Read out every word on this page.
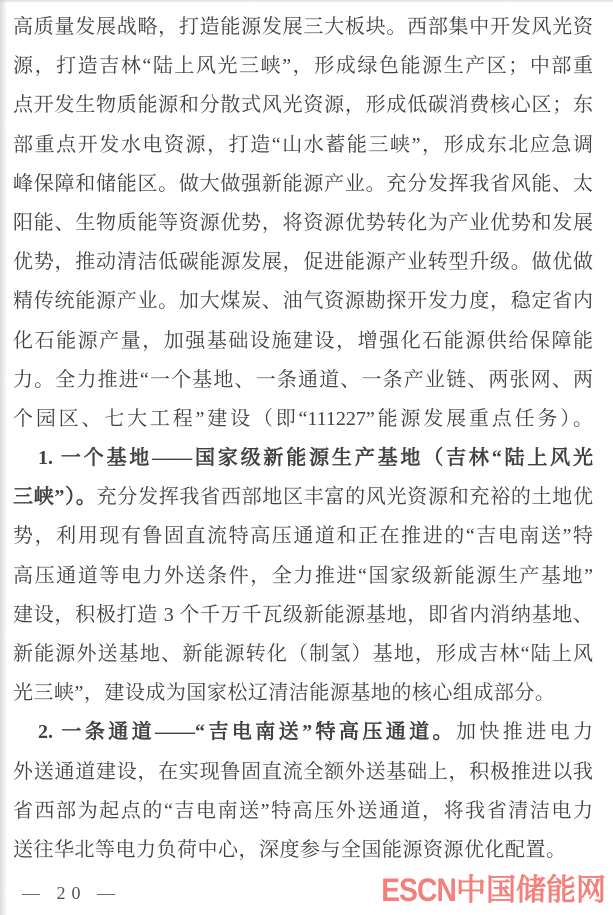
高质量发展战略，打造能源发展三大板块。西部集中开发风光资
源，打造吉林“陆上风光三峡”，形成绿色能源生产区；中部重
点开发生物质能源和分散式风光资源，形成低碳消费核心区；东
部重点开发水电资源，打造“山水蓄能三峡”，形成东北应急调
峰保障和储能区。做大做强新能源产业。充分发挥我省风能、太
阳能、生物质能等资源优势，将资源优势转化为产业优势和发展
优势，推动清洁低碳能源发展，促进能源产业转型升级。做优做
精传统能源产业。加大煤炭、油气资源勘探开发力度，稳定省内
化石能源产量，加强基础设施建设，增强化石能源供给保障能
力。全力推进“一个基地、一条通道、一条产业链、两张网、两
个园区、七大工程”建设（即“111227”能源发展重点任务）。
1. 一个基地——国家级新能源生产基地（吉林“陆上风光
三峡”）。充分发挥我省西部地区丰富的风光资源和充裕的土地优
势，利用现有鲁固直流特高压通道和正在推进的“吉电南送”特
高压通道等电力外送条件，全力推进“国家级新能源生产基地”
建设，积极打造 3 个千万千瓦级新能源基地，即省内消纳基地、
新能源外送基地、新能源转化（制氢）基地，形成吉林“陆上风
光三峡”，建设成为国家松辽清洁能源基地的核心组成部分。
2. 一条通道——“吉电南送”特高压通道。加快推进电力
外送通道建设，在实现鲁固直流全额外送基础上，积极推进以我
省西部为起点的“吉电南送”特高压外送通道，将我省清洁电力
送往华北等电力负荷中心，深度参与全国能源资源优化配置。
— 20 —	ESCN中国储能网
